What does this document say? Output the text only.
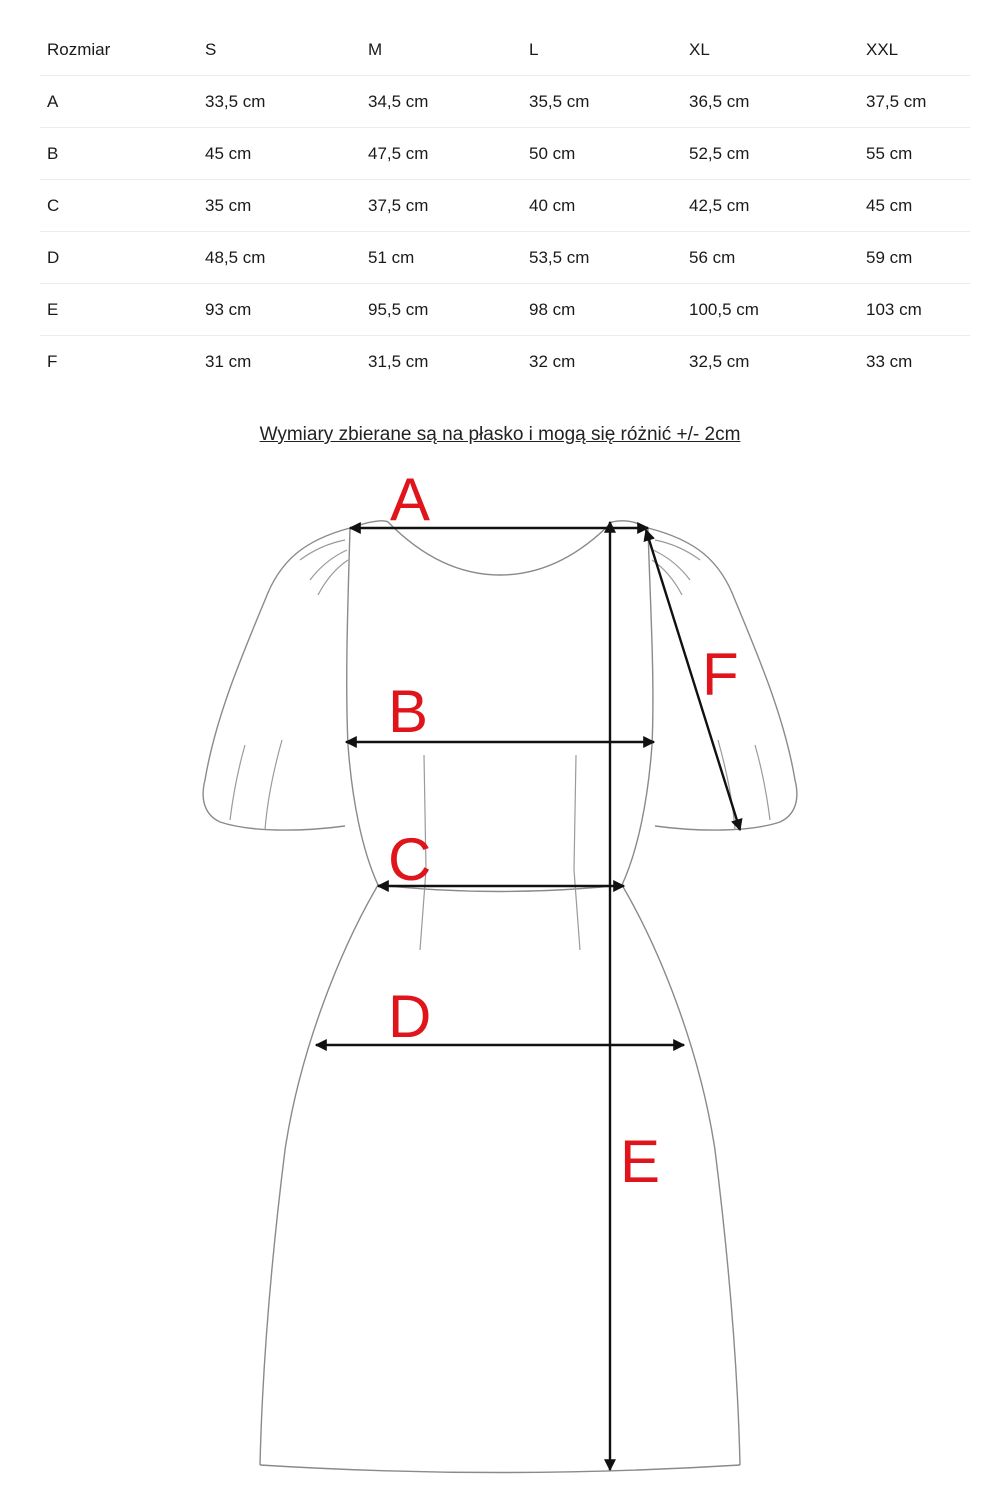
Rozmiar	S	M	L	XL	XXL
A	33,5 cm	34,5 cm	35,5 cm	36,5 cm	37,5 cm
B	45 cm	47,5 cm	50 cm	52,5 cm	55 cm
C	35 cm	37,5 cm	40 cm	42,5 cm	45 cm
D	48,5 cm	51 cm	53,5 cm	56 cm	59 cm
E	93 cm	95,5 cm	98 cm	100,5 cm	103 cm
F	31 cm	31,5 cm	32 cm	32,5 cm	33 cm

Wymiary zbierane są na płasko i mogą się różnić +/- 2cm

A
B
C
D
E
F
